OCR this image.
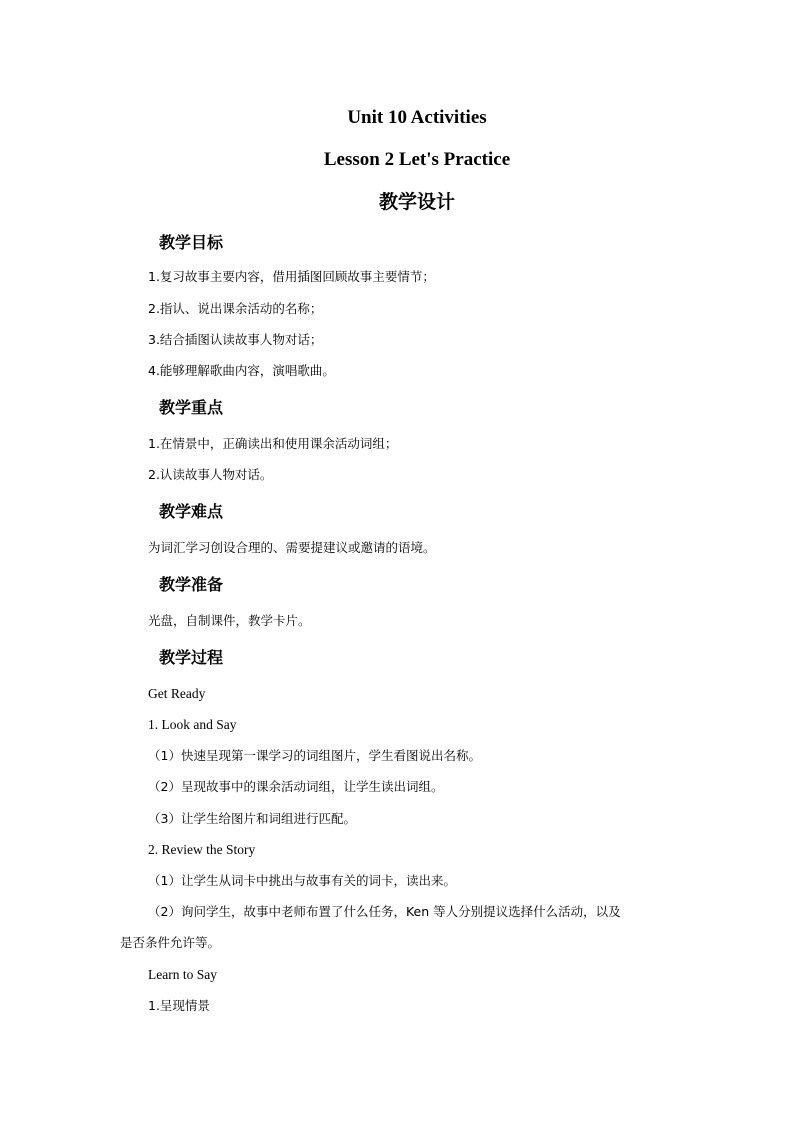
Unit 10 Activities
Lesson 2 Let's Practice
教学设计
教学目标
1.复习故事主要内容，借用插图回顾故事主要情节；
2.指认、说出课余活动的名称；
3.结合插图认读故事人物对话；
4.能够理解歌曲内容，演唱歌曲。
教学重点
1.在情景中，正确读出和使用课余活动词组；
2.认读故事人物对话。
教学难点
为词汇学习创设合理的、需要提建议或邀请的语境。
教学准备
光盘，自制课件，教学卡片。
教学过程
Get Ready
1. Look and Say
（1）快速呈现第一课学习的词组图片，学生看图说出名称。
（2）呈现故事中的课余活动词组，让学生读出词组。
（3）让学生给图片和词组进行匹配。
2. Review the Story
（1）让学生从词卡中挑出与故事有关的词卡，读出来。
（2）询问学生，故事中老师布置了什么任务，Ken 等人分别提议选择什么活动，以及
是否条件允许等。
Learn to Say
1.呈现情景
